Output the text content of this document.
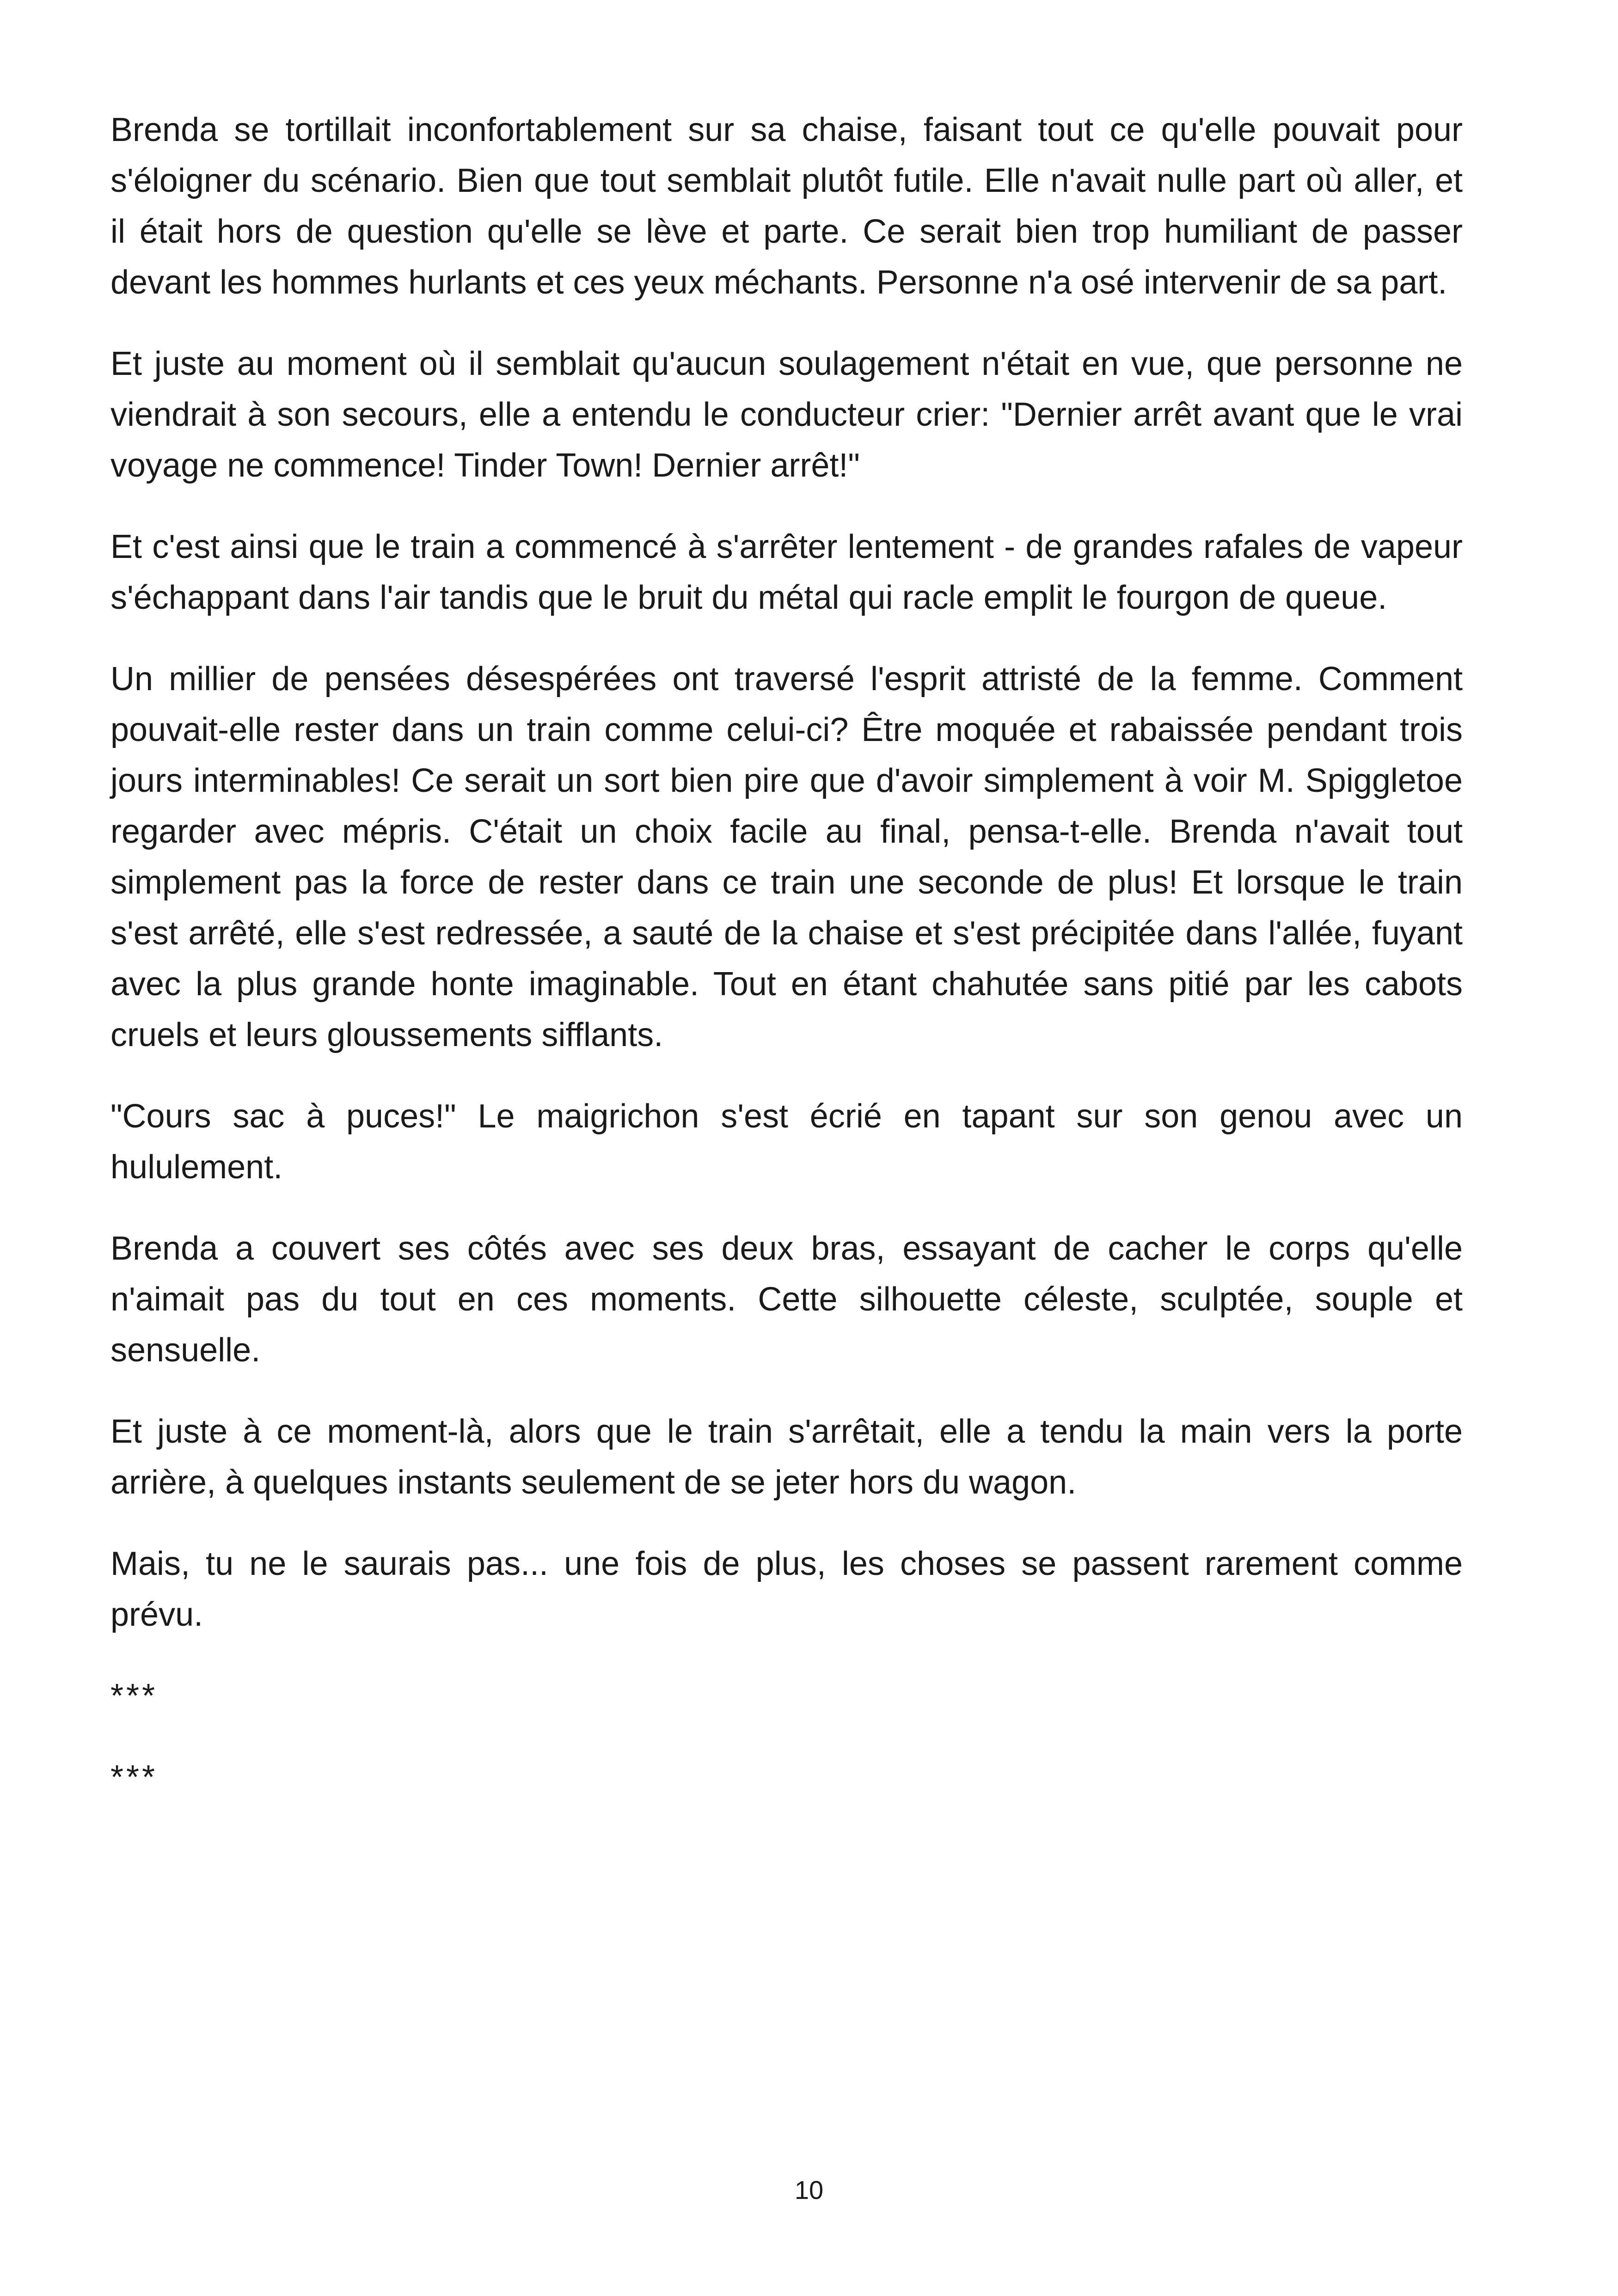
Brenda se tortillait inconfortablement sur sa chaise, faisant tout ce qu'elle pouvait pour s'éloigner du scénario. Bien que tout semblait plutôt futile. Elle n'avait nulle part où aller, et il était hors de question qu'elle se lève et parte. Ce serait bien trop humiliant de passer devant les hommes hurlants et ces yeux méchants. Personne n'a osé intervenir de sa part.

Et juste au moment où il semblait qu'aucun soulagement n'était en vue, que personne ne viendrait à son secours, elle a entendu le conducteur crier: "Dernier arrêt avant que le vrai voyage ne commence! Tinder Town! Dernier arrêt!"

Et c'est ainsi que le train a commencé à s'arrêter lentement - de grandes rafales de vapeur s'échappant dans l'air tandis que le bruit du métal qui racle emplit le fourgon de queue.

Un millier de pensées désespérées ont traversé l'esprit attristé de la femme. Comment pouvait-elle rester dans un train comme celui-ci? Être moquée et rabaissée pendant trois jours interminables! Ce serait un sort bien pire que d'avoir simplement à voir M. Spiggletoe regarder avec mépris. C'était un choix facile au final, pensa-t-elle. Brenda n'avait tout simplement pas la force de rester dans ce train une seconde de plus! Et lorsque le train s'est arrêté, elle s'est redressée, a sauté de la chaise et s'est précipitée dans l'allée, fuyant avec la plus grande honte imaginable. Tout en étant chahutée sans pitié par les cabots cruels et leurs gloussements sifflants.

"Cours sac à puces!" Le maigrichon s'est écrié en tapant sur son genou avec un hululement.

Brenda a couvert ses côtés avec ses deux bras, essayant de cacher le corps qu'elle n'aimait pas du tout en ces moments. Cette silhouette céleste, sculptée, souple et sensuelle.

Et juste à ce moment-là, alors que le train s'arrêtait, elle a tendu la main vers la porte arrière, à quelques instants seulement de se jeter hors du wagon.

Mais, tu ne le saurais pas... une fois de plus, les choses se passent rarement comme prévu.

***

***

10
